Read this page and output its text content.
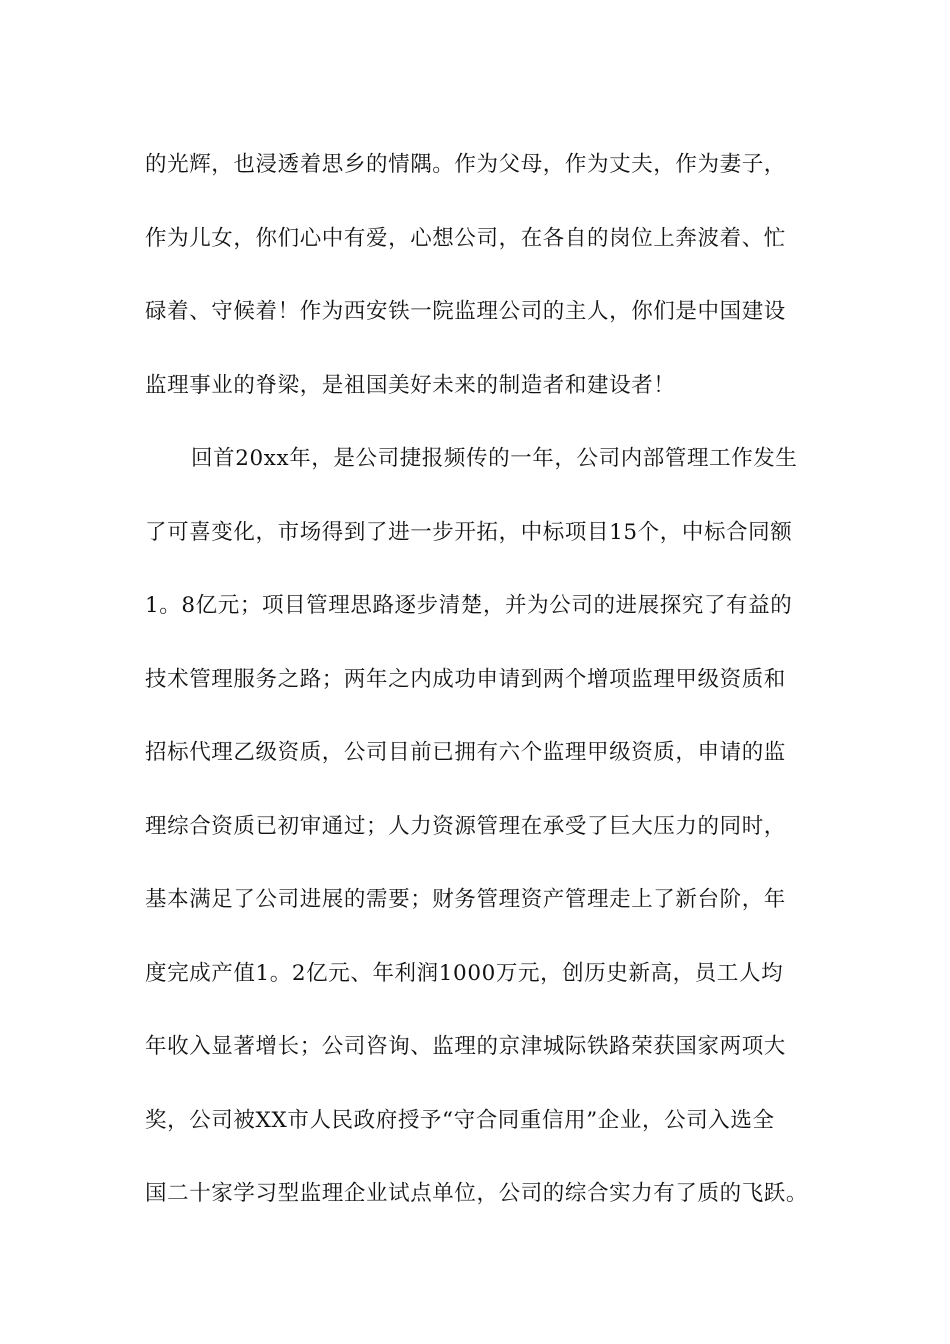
的光辉，也浸透着思乡的情隅。作为父母，作为丈夫，作为妻子，
作为儿女，你们心中有爱，心想公司，在各自的岗位上奔波着、忙
碌着、守候着！作为西安铁一院监理公司的主人，你们是中国建设
监理事业的脊梁，是祖国美好未来的制造者和建设者！
回首20xx年，是公司捷报频传的一年，公司内部管理工作发生
了可喜变化，市场得到了进一步开拓，中标项目15个，中标合同额
1。8亿元；项目管理思路逐步清楚，并为公司的进展探究了有益的
技术管理服务之路；两年之内成功申请到两个增项监理甲级资质和
招标代理乙级资质，公司目前已拥有六个监理甲级资质，申请的监
理综合资质已初审通过；人力资源管理在承受了巨大压力的同时，
基本满足了公司进展的需要；财务管理资产管理走上了新台阶，年
度完成产值1。2亿元、年利润1000万元，创历史新高，员工人均
年收入显著增长；公司咨询、监理的京津城际铁路荣获国家两项大
奖，公司被XX市人民政府授予“守合同重信用”企业，公司入选全
国二十家学习型监理企业试点单位，公司的综合实力有了质的飞跃。
